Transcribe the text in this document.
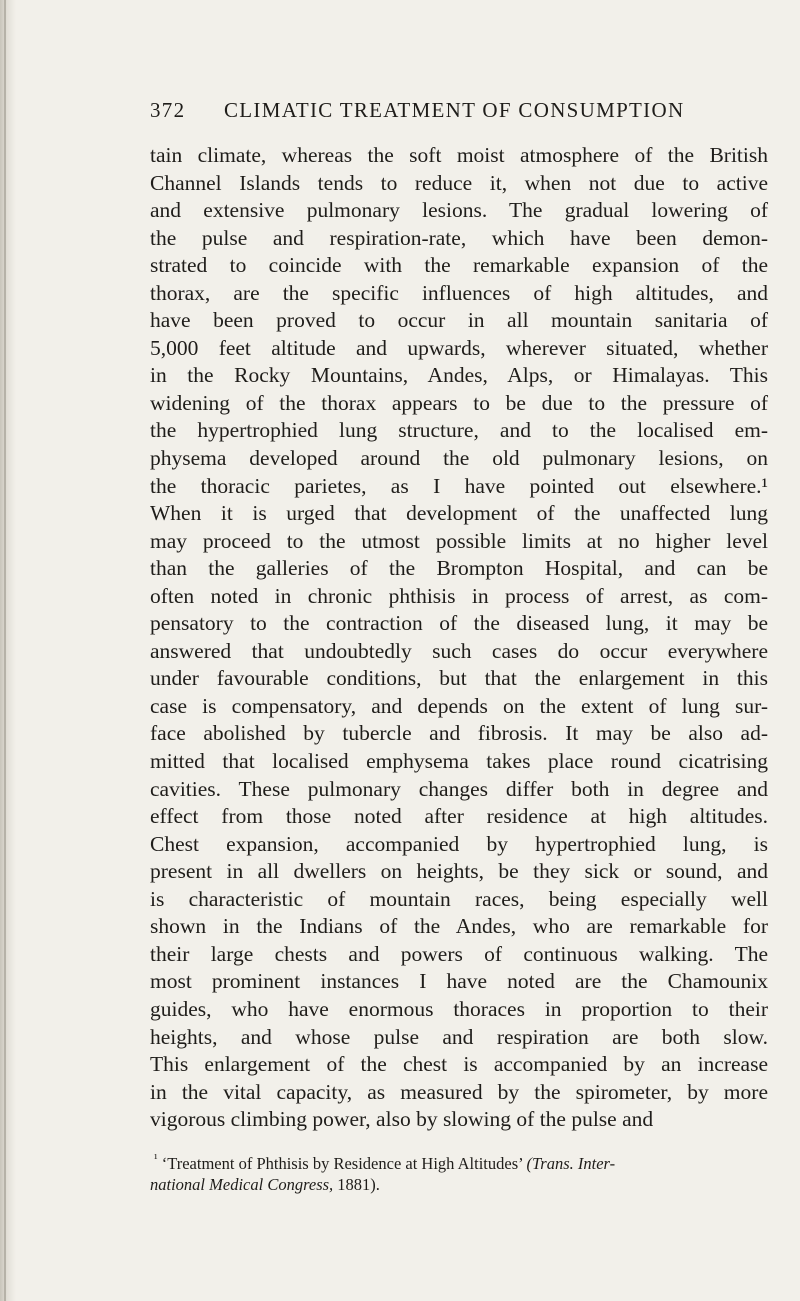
372 CLIMATIC TREATMENT OF CONSUMPTION
tain climate, whereas the soft moist atmosphere of the British
Channel Islands tends to reduce it, when not due to active
and extensive pulmonary lesions. The gradual lowering of
the pulse and respiration-rate, which have been demon-
strated to coincide with the remarkable expansion of the
thorax, are the specific influences of high altitudes, and
have been proved to occur in all mountain sanitaria of
5,000 feet altitude and upwards, wherever situated, whether
in the Rocky Mountains, Andes, Alps, or Himalayas. This
widening of the thorax appears to be due to the pressure of
the hypertrophied lung structure, and to the localised em-
physema developed around the old pulmonary lesions, on
the thoracic parietes, as I have pointed out elsewhere.¹
When it is urged that development of the unaffected lung
may proceed to the utmost possible limits at no higher level
than the galleries of the Brompton Hospital, and can be
often noted in chronic phthisis in process of arrest, as com-
pensatory to the contraction of the diseased lung, it may be
answered that undoubtedly such cases do occur everywhere
under favourable conditions, but that the enlargement in this
case is compensatory, and depends on the extent of lung sur-
face abolished by tubercle and fibrosis. It may be also ad-
mitted that localised emphysema takes place round cicatrising
cavities. These pulmonary changes differ both in degree and
effect from those noted after residence at high altitudes.
Chest expansion, accompanied by hypertrophied lung, is
present in all dwellers on heights, be they sick or sound, and
is characteristic of mountain races, being especially well
shown in the Indians of the Andes, who are remarkable for
their large chests and powers of continuous walking. The
most prominent instances I have noted are the Chamounix
guides, who have enormous thoraces in proportion to their
heights, and whose pulse and respiration are both slow.
This enlargement of the chest is accompanied by an increase
in the vital capacity, as measured by the spirometer, by more
vigorous climbing power, also by slowing of the pulse and
$^{^1}$ ‘Treatment of Phthisis by Residence at High Altitudes’ (Trans. Inter-
national Medical Congress, 1881).
